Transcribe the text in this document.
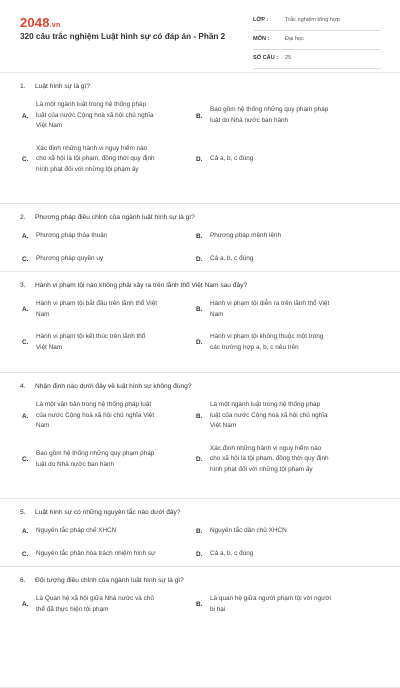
2048.vn
320 câu trắc nghiệm Luật hình sự có đáp án - Phần 2
LỚP :	Trắc nghiệm tổng hợp
MÔN :	Đại học
SỐ CÂU : 25
1. Luật hình sự là gì?
A.
Là một ngành luật trong hệ thống pháp
luật của nước Cộng hoà xã hội chủ nghĩa
Việt Nam
B.
Bao gồm hệ thống những quy phạm pháp
luật do Nhà nước ban hành
C.
Xác định những hành vi nguy hiểm nào
cho xã hội là tội phạm, đồng thời quy định
hình phạt đối với những tội phạm ấy
D. Cả a, b, c đúng
2. Phương pháp điều chỉnh của ngành luật hình sự là gì?
A. Phương pháp thỏa thuận	B. Phương pháp mệnh lệnh
C. Phương pháp quyền uy	D. Cả a, b, c đúng
3. Hành vi phạm tội nào không phải xảy ra trên lãnh thổ Việt Nam sau đây?
A.
Hành vi phạm tội bắt đầu trên lãnh thổ Việt
Nam
B.
Hành vi phạm tội diễn ra trên lãnh thổ Việt
Nam
C.
Hành vi phạm tội kết thúc trên lãnh thổ
Việt Nam
D.
Hành vi phạm tội không thuộc một trong
các trường hợp a, b, c nêu trên
4. Nhận định nào dưới đây về luật hình sự không đúng?
A.
Là một văn bản trong hệ thống pháp luật
của nước Cộng hoà xã hội chủ nghĩa Việt
Nam
B.
Là một ngành luật trong hệ thống pháp
luật của nước Cộng hoà xã hội chủ nghĩa
Việt Nam
C.
Bao gồm hệ thống những quy phạm pháp
luật do Nhà nước ban hành
D.
Xác định những hành vi nguy hiểm nào
cho xã hội là tội phạm, đồng thời quy định
hình phạt đối với những tội phạm ấy
5. Luật hình sự có những nguyên tắc nào dưới đây?
A. Nguyên tắc pháp chế XHCN	B. Nguyên tắc dân chủ XHCN
C. Nguyên tắc phân hóa trách nhiệm hình sự	D. Cả a, b, c đúng
6. Đối tượng điều chỉnh của ngành luật hình sự là gì?
A.
Là Quan hệ xã hội giữa Nhà nước và chủ
thể đã thực hiện tội phạm
B.
Là quan hệ giữa người phạm tội với người
bị hại
